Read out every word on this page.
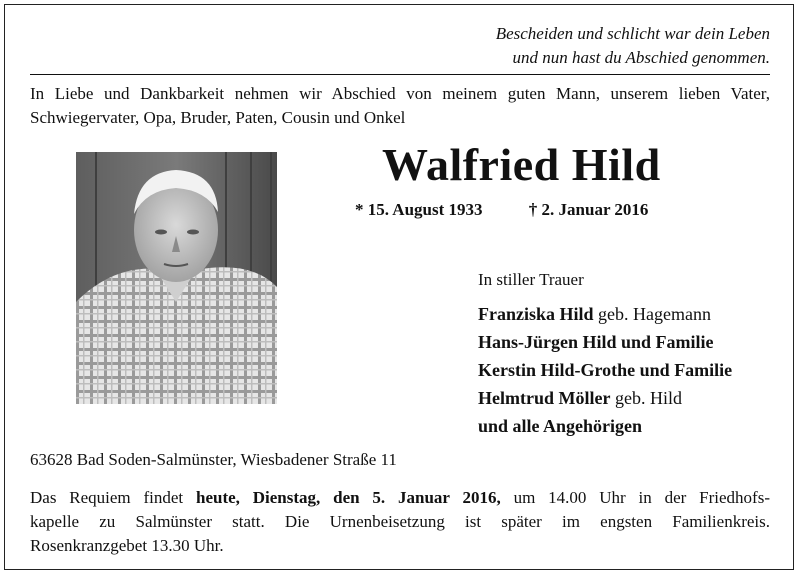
Bescheiden und schlicht war dein Leben
und nun hast du Abschied genommen.
In Liebe und Dankbarkeit nehmen wir Abschied von meinem guten Mann, unserem lieben Vater, Schwiegervater, Opa, Bruder, Paten, Cousin und Onkel
Walfried Hild
* 15. August 1933	† 2. Januar 2016
In stiller Trauer
Franziska Hild geb. Hagemann
Hans-Jürgen Hild und Familie
Kerstin Hild-Grothe und Familie
Helmtrud Möller geb. Hild
und alle Angehörigen
63628 Bad Soden-Salmünster, Wiesbadener Straße 11
Das Requiem findet heute, Dienstag, den 5. Januar 2016, um 14.00 Uhr in der Friedhofs-
kapelle zu Salmünster statt. Die Urnenbeisetzung ist später im engsten Familienkreis.
Rosenkranzgebet 13.30 Uhr.
